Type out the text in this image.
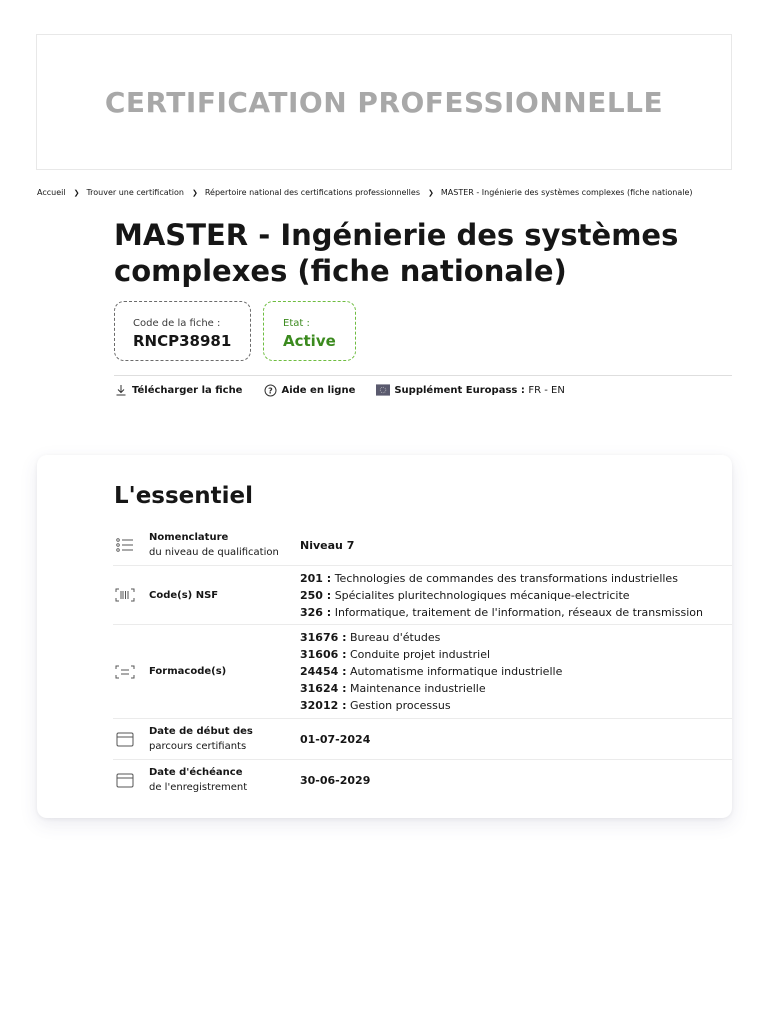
CERTIFICATION PROFESSIONNELLE
Accueil ❯ Trouver une certification ❯ Répertoire national des certifications professionnelles ❯ MASTER - Ingénierie des systèmes complexes (fiche nationale)
MASTER - Ingénierie des systèmes complexes (fiche nationale)
Code de la fiche :
RNCP38981
Etat :
Active
Télécharger la fiche	? Aide en ligne	Supplément Europass :
FR - EN
L'essentiel
Nomenclature
du niveau de qualification
Niveau 7
Code(s) NSF
201 : Technologies de commandes des transformations industrielles
250 : Spécialites pluritechnologiques mécanique-electricite
326 : Informatique, traitement de l'information, réseaux de transmission
Formacode(s)
31676 : Bureau d'études
31606 : Conduite projet industriel
24454 : Automatisme informatique industrielle
31624 : Maintenance industrielle
32012 : Gestion processus
Date de début des
parcours certifiants
01-07-2024
Date d'échéance
de l'enregistrement
30-06-2029
